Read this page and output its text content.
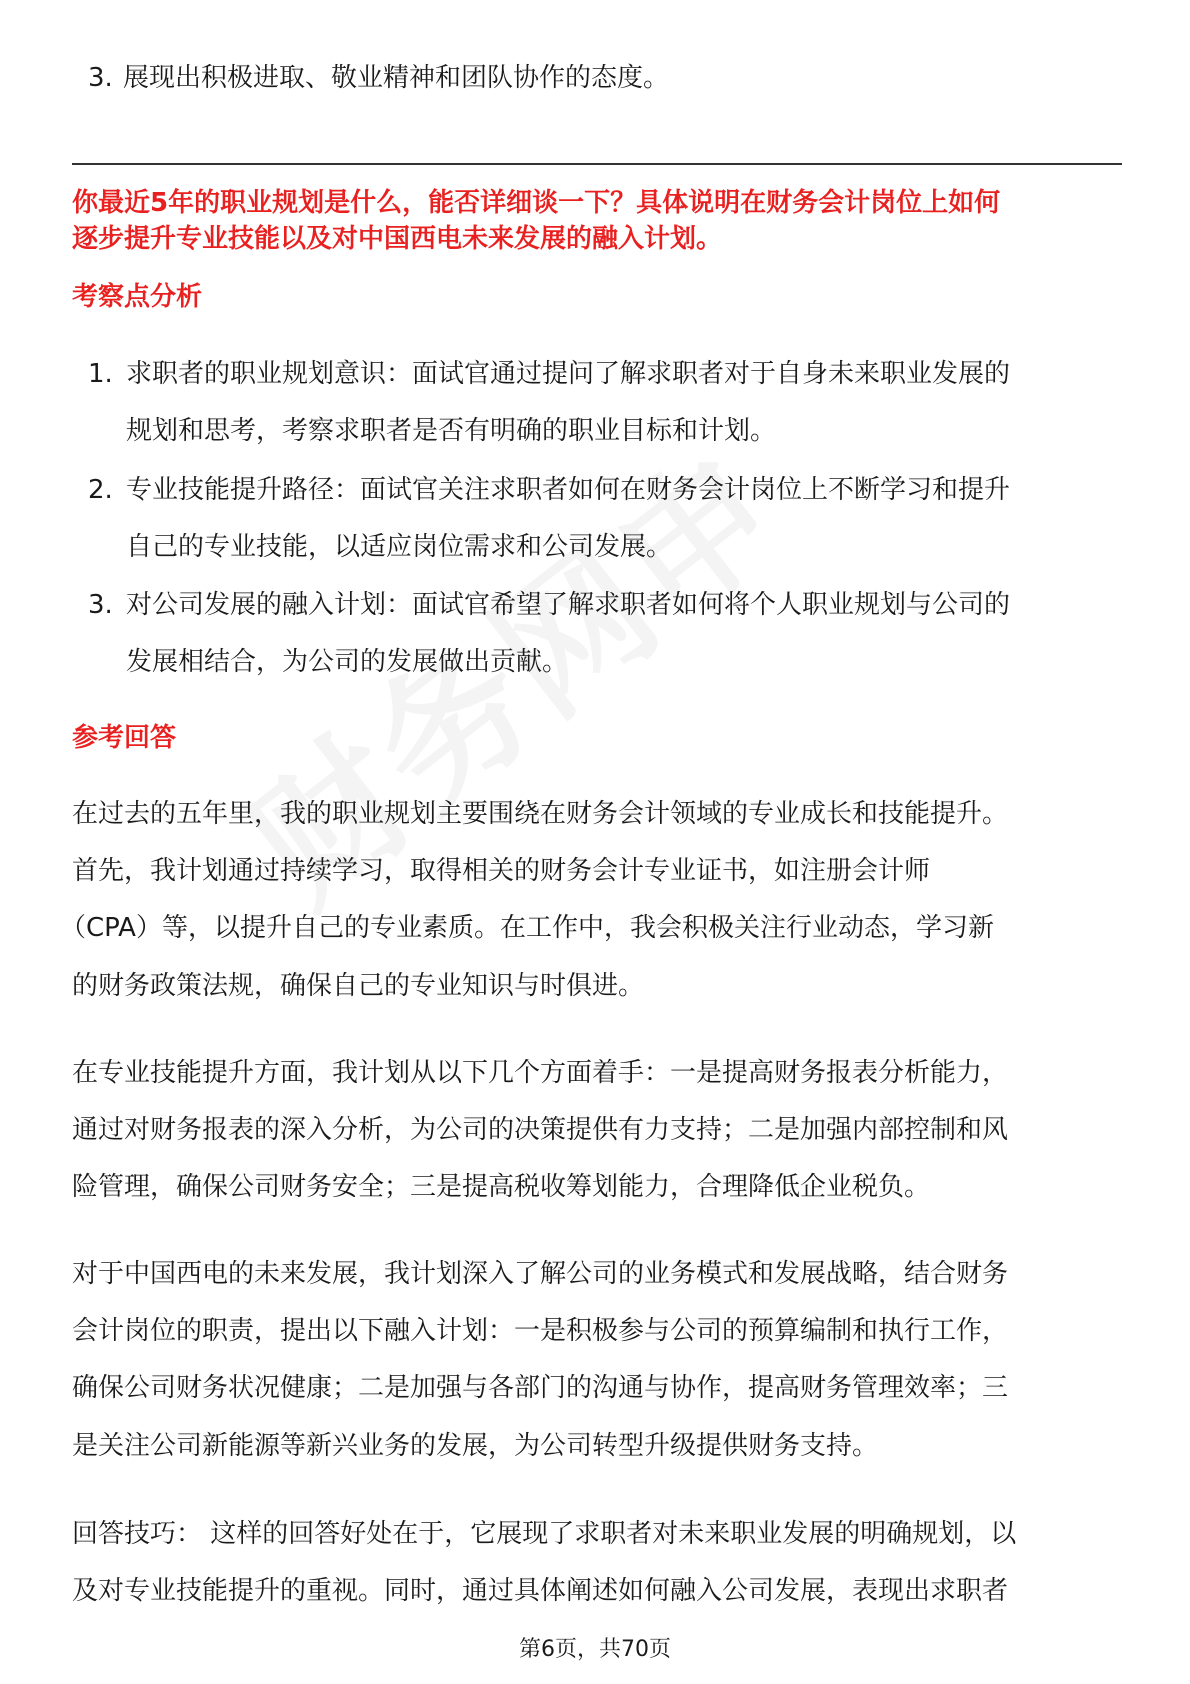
3. 展现出积极进取、敬业精神和团队协作的态度。
你最近5年的职业规划是什么，能否详细谈一下？具体说明在财务会计岗位上如何
逐步提升专业技能以及对中国西电未来发展的融入计划。
考察点分析
1. 求职者的职业规划意识：面试官通过提问了解求职者对于自身未来职业发展的
规划和思考，考察求职者是否有明确的职业目标和计划。
2. 专业技能提升路径：面试官关注求职者如何在财务会计岗位上不断学习和提升
自己的专业技能，以适应岗位需求和公司发展。
3. 对公司发展的融入计划：面试官希望了解求职者如何将个人职业规划与公司的
发展相结合，为公司的发展做出贡献。
参考回答
在过去的五年里，我的职业规划主要围绕在财务会计领域的专业成长和技能提升。
首先，我计划通过持续学习，取得相关的财务会计专业证书，如注册会计师
（CPA）等，以提升自己的专业素质。在工作中，我会积极关注行业动态，学习新
的财务政策法规，确保自己的专业知识与时俱进。
在专业技能提升方面，我计划从以下几个方面着手：一是提高财务报表分析能力，
通过对财务报表的深入分析，为公司的决策提供有力支持；二是加强内部控制和风
险管理，确保公司财务安全；三是提高税收筹划能力，合理降低企业税负。
对于中国西电的未来发展，我计划深入了解公司的业务模式和发展战略，结合财务
会计岗位的职责，提出以下融入计划：一是积极参与公司的预算编制和执行工作，
确保公司财务状况健康；二是加强与各部门的沟通与协作，提高财务管理效率；三
是关注公司新能源等新兴业务的发展，为公司转型升级提供财务支持。
回答技巧： 这样的回答好处在于，它展现了求职者对未来职业发展的明确规划，以
及对专业技能提升的重视。同时，通过具体阐述如何融入公司发展，表现出求职者
第6页，共70页
